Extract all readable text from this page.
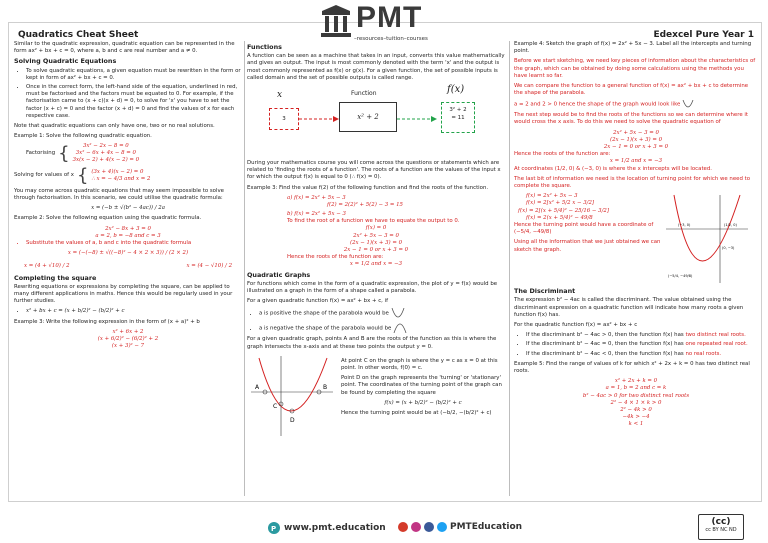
Quadratics Cheat Sheet
PMT
–resources–tuition–courses	Edexcel Pure Year 1

Similar to the quadratic expression, quadratic equation can be represented in the form ax² + bx + c = 0, where a, b and c are real number and a ≠ 0.

Solving Quadratic Equations
• To solve quadratic equations, a given equation must be rewritten in the form or kept in form of ax² + bx + c = 0.
• Once in the correct form, the left-hand side of the equation, underlined in red, must be factorised and the factors must be equated to 0. For example, if the factorisation came to (x + c)(x + d) = 0, to solve for 'x' you have to set the factor (x + c) = 0 and the factor (x + d) = 0 and find the values of x for each respective case.

Note that quadratic equations can only have one, two or no real solutions.

Example 1: Solve the following quadratic equation.

Factorising {	3x² − 2x − 8 = 0
3x² − 6x + 4x − 8 = 0
3x(x − 2) + 4(x − 2) = 0
Solving for values of x { (3x + 4)(x − 2) = 0
∴ x = − 4/3 and x = 2

You may come across quadratic equations that may seem impossible to solve through factorisation. In this scenario, we could utilise the quadratic formula:

x = (−b ± √(b² − 4ac)) / 2a

Example 2: Solve the following equation using the quadratic formula.

2x² − 8x + 3 = 0
a = 2, b = −8 and c = 3
• Substitute the values of a, b and c into the quadratic formula
x = (−(−8) ± √((−8)² − 4 × 2 × 3)) / (2 × 2)
x = (4 + √10) / 2	x = (4 − √10) / 2
Completing the square

Rewriting equations or expressions by completing the square, can be applied to many different applications in maths. Hence this would be regularly used in your further studies.

• x² + bx + c = (x + b/2)² − (b/2)² + c

Example 3: Write the following expression in the form of (x + a)² + b

x² + 6x + 2
(x + 6/2)² − (6/2)² + 2
(x + 3)² − 7
Functions

A function can be seen as a machine that takes in an input, converts this value mathematically and gives an output. The input is most commonly denoted with the term 'x' and the output is most commonly represented as f(x) or g(x). For a given function, the set of possible inputs is called domain and the set of possible outputs is called range.

x
3
Function
x² + 2
f(x)
3² + 2
= 11

During your mathematics course you will come across the questions or statements which are related to 'finding the roots of a function'. The roots of a function are the values of the input x for which the output f(x) is equal to 0 (∴ f(x) = 0).

Example 3: Find the value f(2) of the following function and find the roots of the function.

a) f(x) = 2x² + 5x − 3
f(2) = 2(2)² + 5(2) − 3 = 15
b) f(x) = 2x² + 5x − 3
To find the root of a function we have to equate the output to 0.
f(x) = 0
2x² + 5x − 3 = 0
(2x − 1)(x + 3) = 0
2x − 1 = 0 or x + 3 = 0
Hence the roots of the function are:
x = 1/2 and x = −3
Quadratic Graphs

For functions which come in the form of a quadratic expression, the plot of y = f(x) would be illustrated on a graph in the form of a shape called a parabola.

For a given quadratic function f(x) = ax² + bx + c, if

• a is positive the shape of the parabola would be
• a is negative the shape of the parabola would be

For a given quadratic graph, points A and B are the roots of the function as this is where the graph intersects the x-axis and at these two points the output y = 0.

A	B
C
D

At point C on the graph is where the y = c as x = 0 at this point. In other words, f(0) = c.

Point D on the graph represents the 'turning' or 'stationary' point. The coordinates of the turning point of the graph can be found by completing the square

f(x) = (x + b/2)² − (b/2)² + c

Hence the turning point would be at (−b/2, −(b/2)² + c)

Example 4: Sketch the graph of f(x) = 2x² + 5x − 3. Label all the intercepts and turning point.

Before we start sketching, we need key pieces of information about the characteristics of the graph, which can be obtained by doing some calculations using the methods you have learnt so far.

We can compare the function to a general function of f(x) = ax² + bx + c to determine the shape of the parabola.

a = 2 and 2 > 0 hence the shape of the graph would look like

The next step would be to find the roots of the functions so we can determine where it would cross the x axis. To do this we need to solve the quadratic equation of

2x² + 5x − 3 = 0
(2x − 1)(x + 3) = 0
2x − 1 = 0 or x + 3 = 0
Hence the roots of the function are:
x = 1/2 and x = −3

At coordinates (1/2, 0) & (−3, 0) is where the x intercepts will be located.

The last bit of information we need is the location of turning point for which we need to complete the square.

f(x) = 2x² + 5x − 3
f(x) = 2[x² + 5/2 x − 3/2]
f(x) = 2[(x + 5/4)² − 25/16 − 3/2]
f(x) = 2(x + 5/4)² − 49/8

Hence the turning point would have a coordinate of (−5/4, −49/8)

Using all the information that we just obtained we can sketch the graph.

(−3, 0)	(1/2, 0)
(0, −3)
(−5/4, −49/8)
The Discriminant

The expression b² − 4ac is called the discriminant. The value obtained using the discriminant expression on a quadratic function will indicate how many roots a given function f(x) has.

For the quadratic function f(x) = ax² + bx + c

• If the discriminant b² − 4ac > 0, then the function f(x) has two distinct real roots.
• If the discriminant b² − 4ac = 0, then the function f(x) has one repeated real root.
• If the discriminant b² − 4ac < 0, then the function f(x) has no real roots.

Example 5: Find the range of values of k for which x² + 2x + k = 0 has two distinct real roots.

x² + 2x + k = 0
a = 1, b = 2 and c = k
b² − 4ac > 0 for two distinct real roots
2² − 4 × 1 × k > 0
2² − 4k > 0
−4k > −4
k < 1
P www.pmt.education	PMTEducation	(cc)
cc BY NC ND
